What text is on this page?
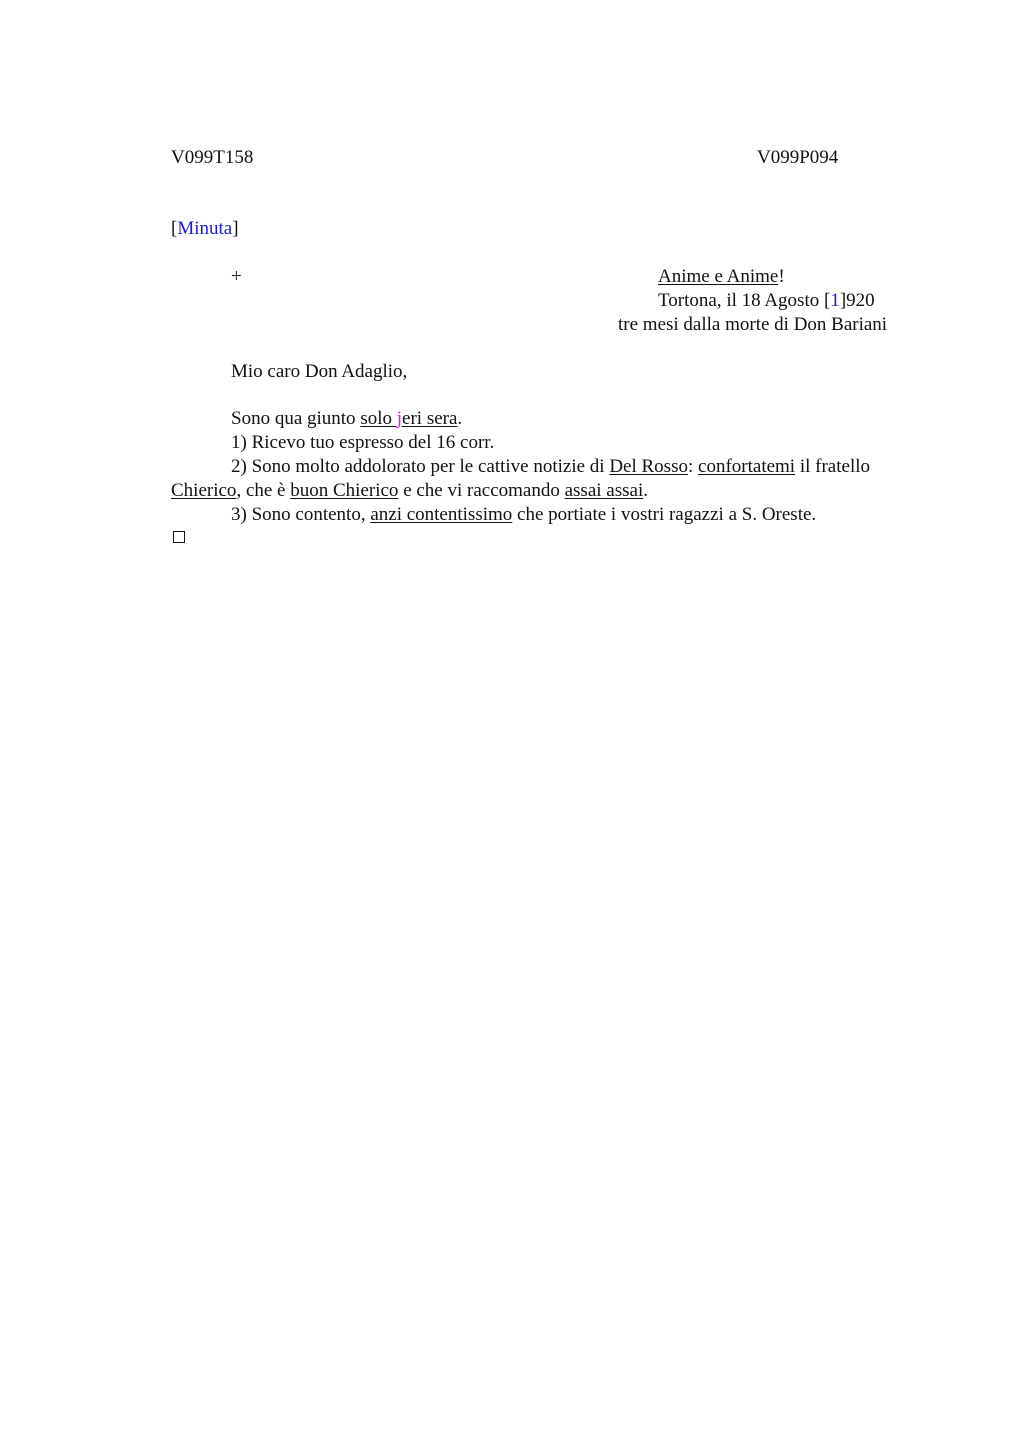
V099T158	V099P094
[Minuta]
+	Anime e Anime!
Tortona, il 18 Agosto [1]920
tre mesi dalla morte di Don Bariani
Mio caro Don Adaglio,
Sono qua giunto solo jeri sera.
1) Ricevo tuo espresso del 16 corr.
2) Sono molto addolorato per le cattive notizie di Del Rosso: confortatemi il fratello
Chierico, che è buon Chierico e che vi raccomando assai assai.
3) Sono contento, anzi contentissimo che portiate i vostri ragazzi a S. Oreste.
